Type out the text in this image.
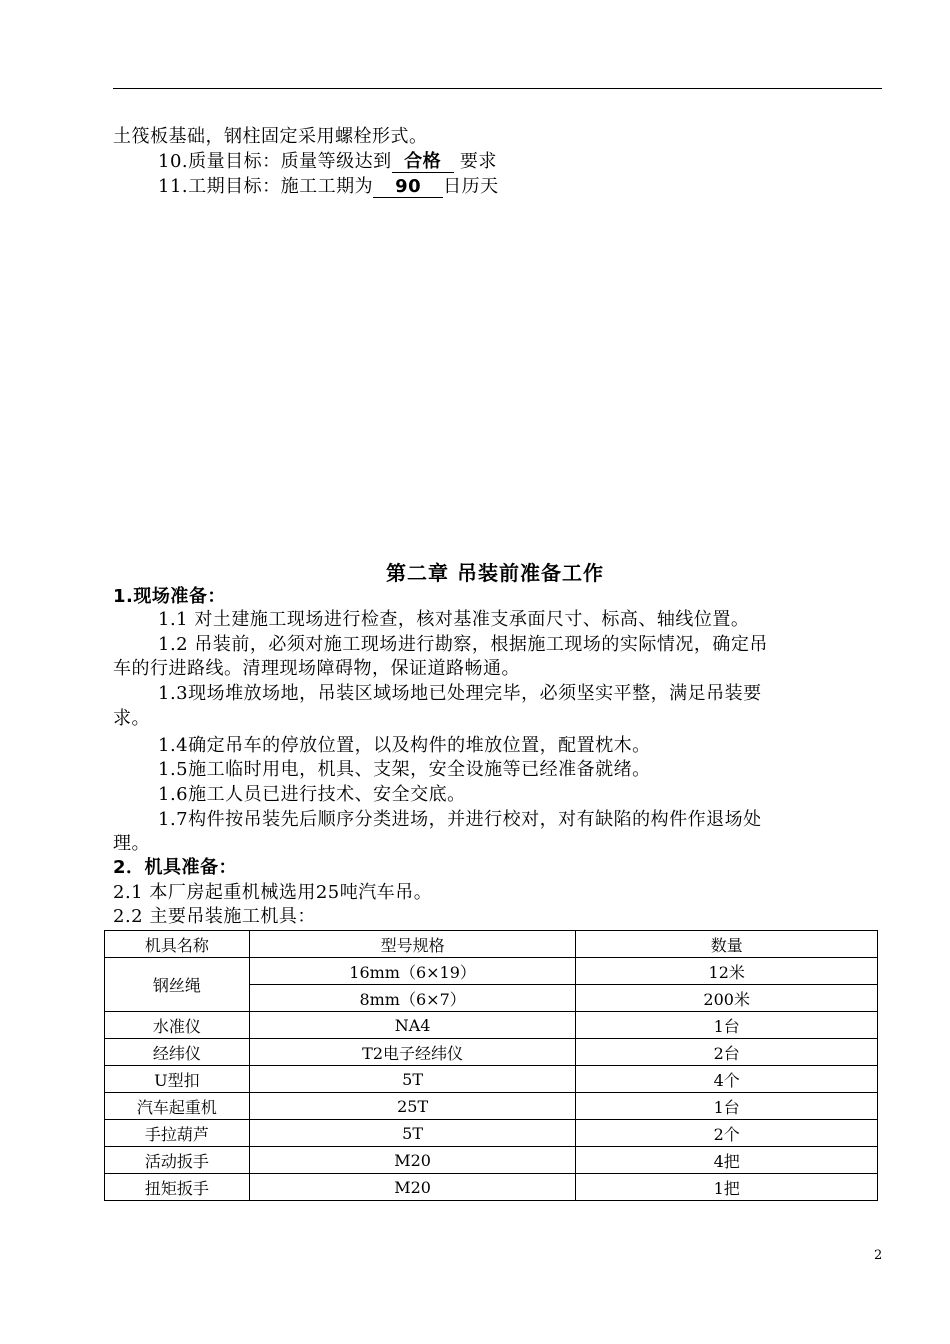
土筏板基础，钢柱固定采用螺栓形式。
10.质量目标：质量等级达到 合格 要求
11.工期目标：施工工期为 90 日历天
第二章 吊装前准备工作
1.现场准备：
1.1 对土建施工现场进行检查，核对基准支承面尺寸、标高、轴线位置。
1.2 吊装前，必须对施工现场进行勘察，根据施工现场的实际情况，确定吊
车的行进路线。清理现场障碍物，保证道路畅通。
1.3现场堆放场地，吊装区域场地已处理完毕，必须坚实平整，满足吊装要
求。
1.4确定吊车的停放位置，以及构件的堆放位置，配置枕木。
1.5施工临时用电，机具、支架，安全设施等已经准备就绪。
1.6施工人员已进行技术、安全交底。
1.7构件按吊装先后顺序分类进场，并进行校对，对有缺陷的构件作退场处
理。
2．机具准备：
2.1 本厂房起重机械选用25吨汽车吊。
2.2 主要吊装施工机具：
机具名称	型号规格	数量
钢丝绳	16mm（6×19）	12米
	8mm（6×7）	200米
水准仪	NA4	1台
经纬仪	T2电子经纬仪	2台
U型扣	5T	4个
汽车起重机	25T	1台
手拉葫芦	5T	2个
活动扳手	M20	4把
扭矩扳手	M20	1把
2
